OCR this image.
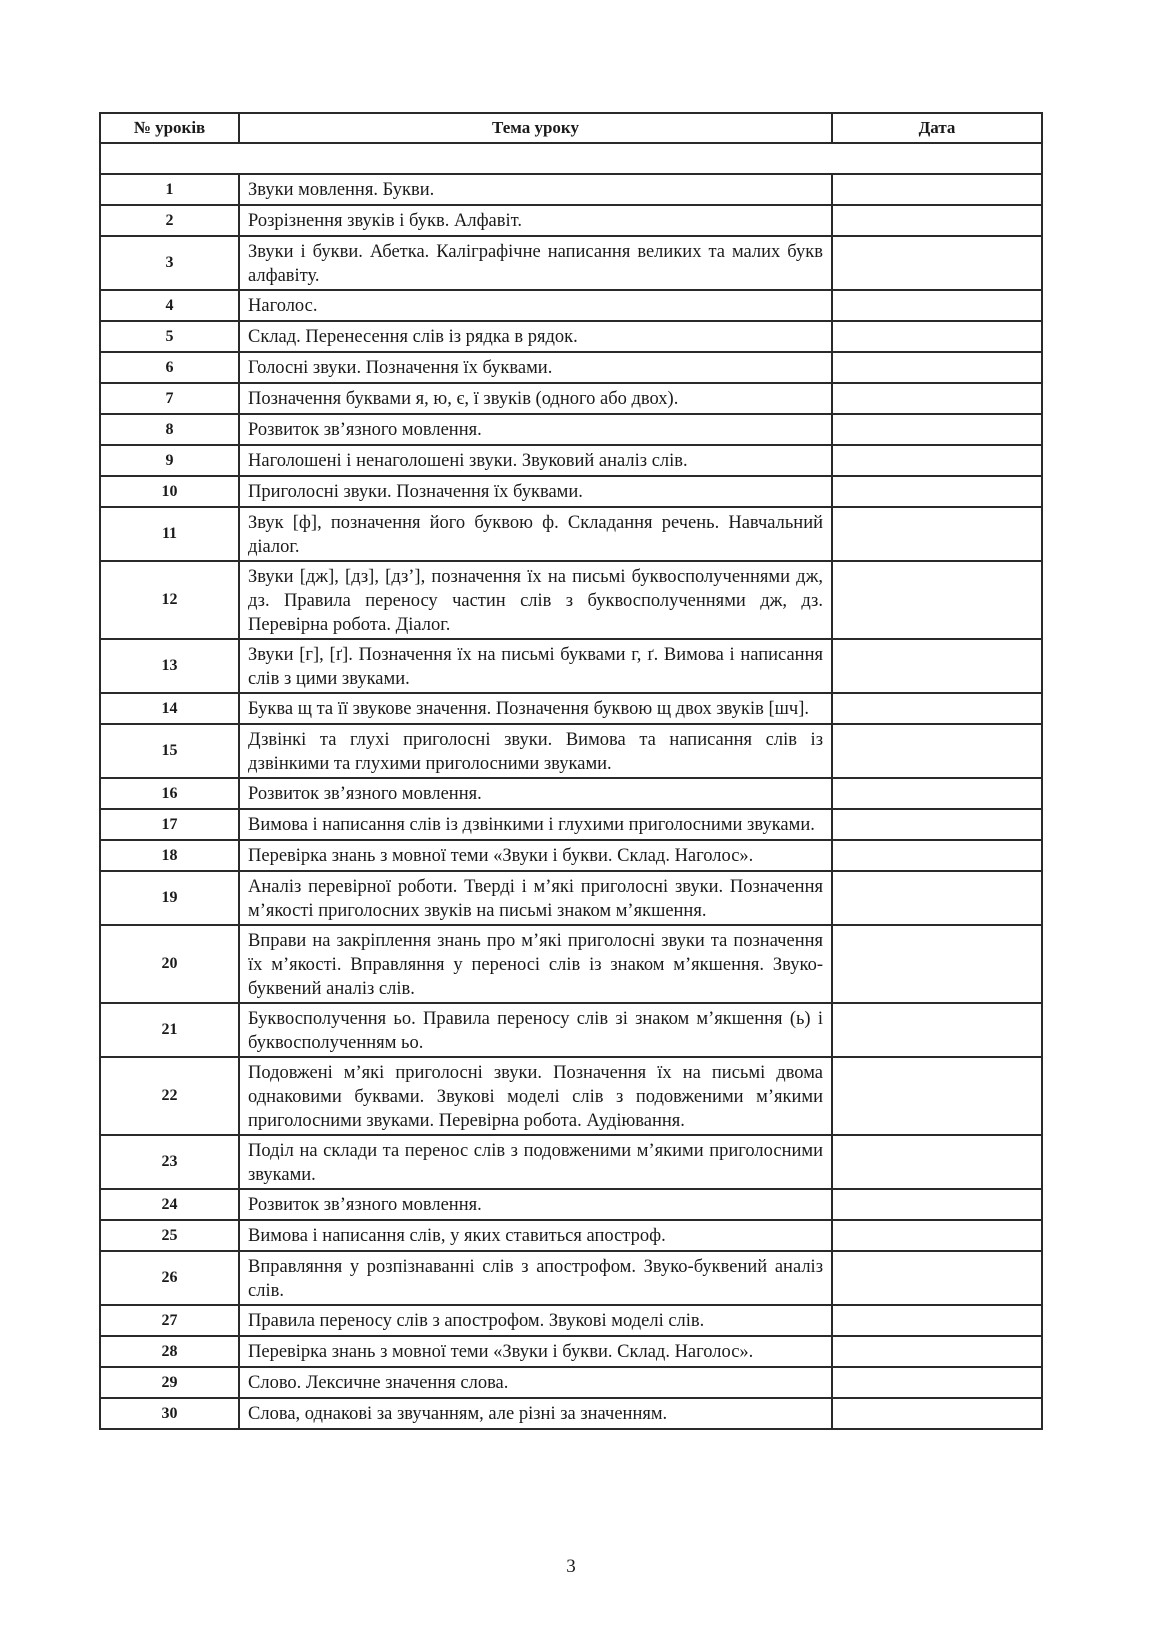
№ уроків	Тема уроку	Дата

1	Звуки мовлення. Букви.	
2	Розрізнення звуків і букв. Алфавіт.	
3	Звуки і букви. Абетка. Каліграфічне написання великих та малих букв алфавіту.	
4	Наголос.	
5	Склад. Перенесення слів із рядка в рядок.	
6	Голосні звуки. Позначення їх буквами.	
7	Позначення буквами я, ю, є, ї звуків (одного або двох).	
8	Розвиток зв’язного мовлення.	
9	Наголошені і ненаголошені звуки. Звуковий аналіз слів.	
10	Приголосні звуки. Позначення їх буквами.	
11	Звук [ф], позначення його буквою ф. Складання речень. Навчальний діалог.	
12	Звуки [дж], [дз], [дз’], позначення їх на письмі буквосполученнями дж, дз. Правила переносу частин слів з буквосполученнями дж, дз. Перевірна робота. Діалог.	
13	Звуки [г], [ґ]. Позначення їх на письмі буквами г, ґ. Вимова і написання слів з цими звуками.	
14	Буква щ та її звукове значення. Позначення буквою щ двох звуків [шч].	
15	Дзвінкі та глухі приголосні звуки. Вимова та написання слів із дзвінкими та глухими приголосними звуками.	
16	Розвиток зв’язного мовлення.	
17	Вимова і написання слів із дзвінкими і глухими приголосними звуками.	
18	Перевірка знань з мовної теми «Звуки і букви. Склад. Наголос».	
19	Аналіз перевірної роботи. Тверді і м’які приголосні звуки. Позначення м’якості приголосних звуків на письмі знаком м’якшення.	
20	Вправи на закріплення знань про м’які приголосні звуки та позначення їх м’якості. Вправляння у переносі слів із знаком м’якшення. Звуко-буквений аналіз слів.	
21	Буквосполучення ьо. Правила переносу слів зі знаком м’якшення (ь) і буквосполученням ьо.	
22	Подовжені м’які приголосні звуки. Позначення їх на письмі двома однаковими буквами. Звукові моделі слів з подовженими м’якими приголосними звуками. Перевірна робота. Аудіювання.	
23	Поділ на склади та перенос слів з подовженими м’якими приголосними звуками.	
24	Розвиток зв’язного мовлення.	
25	Вимова і написання слів, у яких ставиться апостроф.	
26	Вправляння у розпізнаванні слів з апострофом. Звуко-буквений аналіз слів.	
27	Правила переносу слів з апострофом. Звукові моделі слів.	
28	Перевірка знань з мовної теми «Звуки і букви. Склад. Наголос».	
29	Слово. Лексичне значення слова.	
30	Слова, однакові за звучанням, але різні за значенням.	
3
